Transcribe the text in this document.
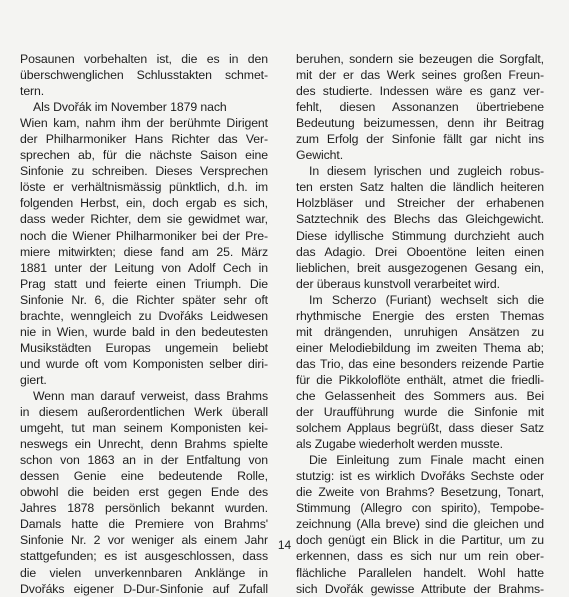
Posaunen vorbehalten ist, die es in den
überschwenglichen Schlusstakten schmet-
tern.
Als Dvořák im November 1879 nach
Wien kam, nahm ihm der berühmte Dirigent
der Philharmoniker Hans Richter das Ver-
sprechen ab, für die nächste Saison eine
Sinfonie zu schreiben. Dieses Versprechen
löste er verhältnismässig pünktlich, d.h. im
folgenden Herbst, ein, doch ergab es sich,
dass weder Richter, dem sie gewidmet war,
noch die Wiener Philharmoniker bei der Pre-
miere mitwirkten; diese fand am 25. März
1881 unter der Leitung von Adolf Cech in
Prag statt und feierte einen Triumph. Die
Sinfonie Nr. 6, die Richter später sehr oft
brachte, wenngleich zu Dvořáks Leidwesen
nie in Wien, wurde bald in den bedeutesten
Musikstädten Europas ungemein beliebt
und wurde oft vom Komponisten selber diri-
giert.
Wenn man darauf verweist, dass Brahms
in diesem außerordentlichen Werk überall
umgeht, tut man seinem Komponisten kei-
neswegs ein Unrecht, denn Brahms spielte
schon von 1863 an in der Entfaltung von
dessen Genie eine bedeutende Rolle,
obwohl die beiden erst gegen Ende des
Jahres 1878 persönlich bekannt wurden.
Damals hatte die Premiere von Brahms'
Sinfonie Nr. 2 vor weniger als einem Jahr
stattgefunden; es ist ausgeschlossen, dass
die vielen unverkennbaren Anklänge in
Dvořáks eigener D-Dur-Sinfonie auf Zufall
beruhen, sondern sie bezeugen die Sorgfalt,
mit der er das Werk seines großen Freun-
des studierte. Indessen wäre es ganz ver-
fehlt, diesen Assonanzen übertriebene
Bedeutung beizumessen, denn ihr Beitrag
zum Erfolg der Sinfonie fällt gar nicht ins
Gewicht.
In diesem lyrischen und zugleich robus-
ten ersten Satz halten die ländlich heiteren
Holzbläser und Streicher der erhabenen
Satztechnik des Blechs das Gleichgewicht.
Diese idyllische Stimmung durchzieht auch
das Adagio. Drei Oboentöne leiten einen
lieblichen, breit ausgezogenen Gesang ein,
der überaus kunstvoll verarbeitet wird.
Im Scherzo (Furiant) wechselt sich die
rhythmische Energie des ersten Themas
mit drängenden, unruhigen Ansätzen zu
einer Melodiebildung im zweiten Thema ab;
das Trio, das eine besonders reizende Partie
für die Pikkoloflöte enthält, atmet die friedli-
che Gelassenheit des Sommers aus. Bei
der Uraufführung wurde die Sinfonie mit
solchem Applaus begrüßt, dass dieser Satz
als Zugabe wiederholt werden musste.
Die Einleitung zum Finale macht einen
stutzig: ist es wirklich Dvořáks Sechste oder
die Zweite von Brahms? Besetzung, Tonart,
Stimmung (Allegro con spirito), Tempobe-
zeichnung (Alla breve) sind die gleichen und
doch genügt ein Blick in die Partitur, um zu
erkennen, dass es sich nur um rein ober-
flächliche Parallelen handelt. Wohl hatte
sich Dvořák gewisse Attribute der Brahms-
14
